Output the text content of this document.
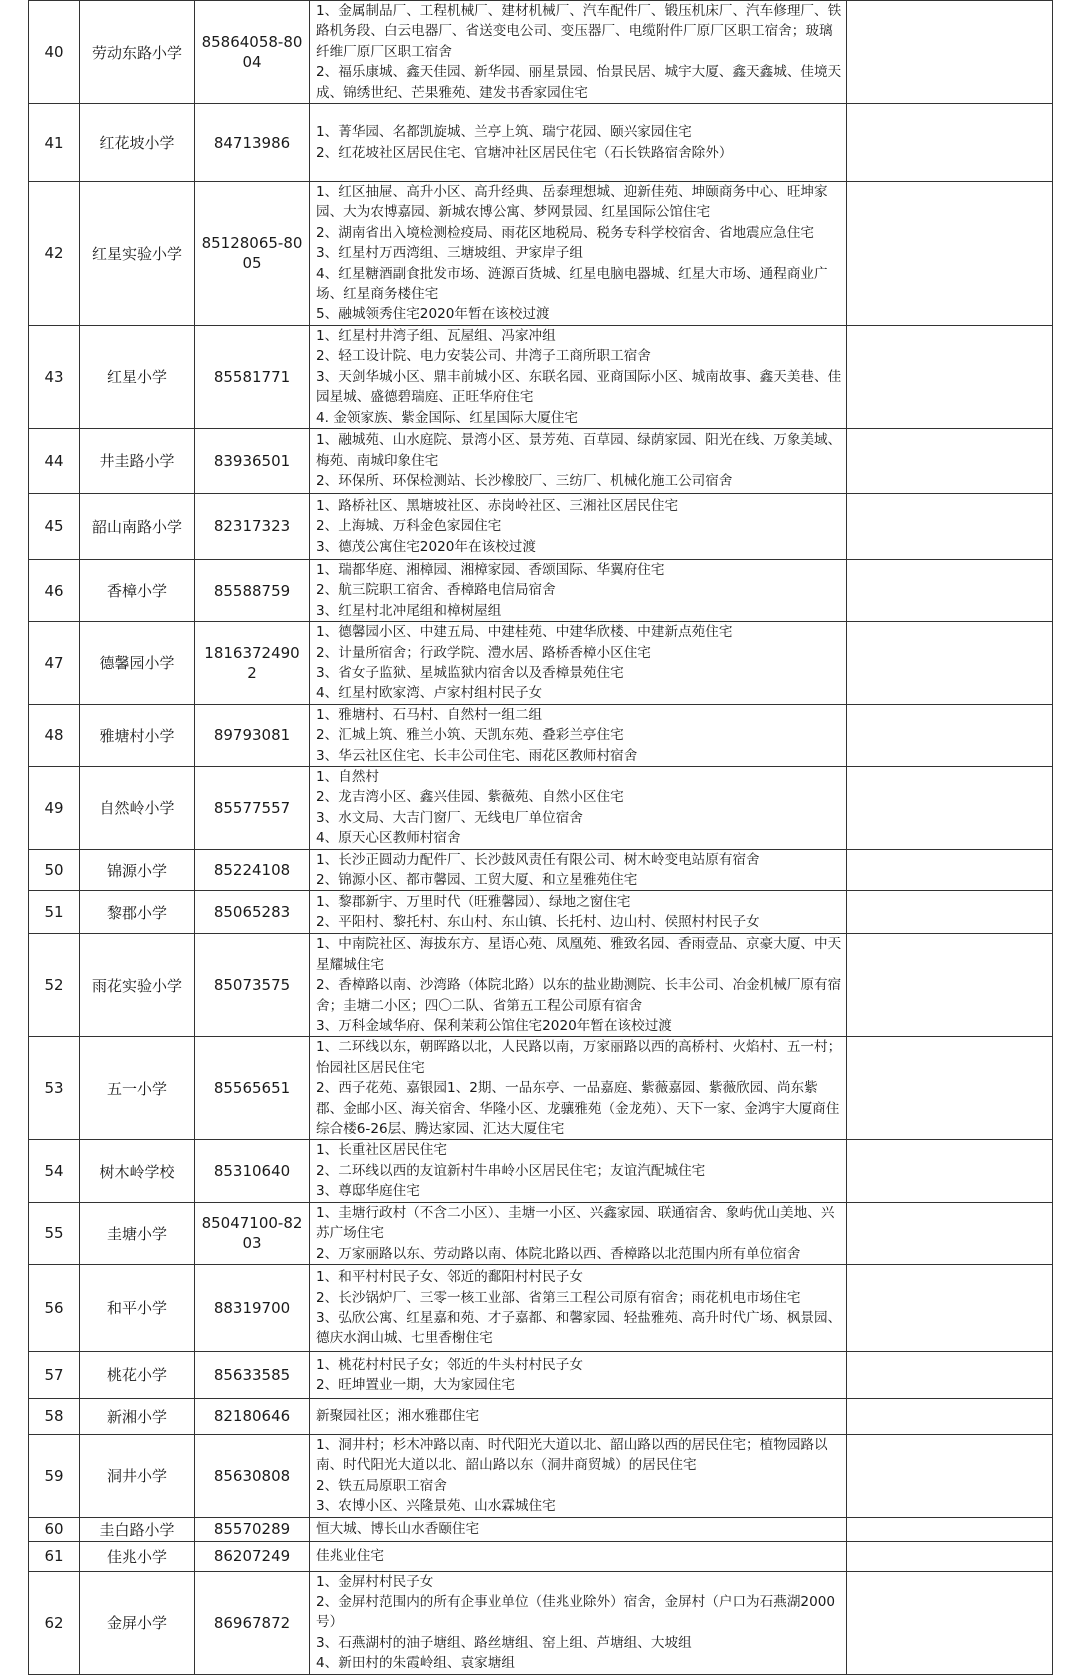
40	劳动东路小学	85864058-8004	1、金属制品厂、工程机械厂、建材机械厂、汽车配件厂、锻压机床厂、汽车修理厂、铁路机务段、白云电器厂、省送变电公司、变压器厂、电缆附件厂原厂区职工宿舍；玻璃纤维厂原厂区职工宿舍
2、福乐康城、鑫天佳园、新华园、丽星景园、怡景民居、城宇大厦、鑫天鑫城、佳境天成、锦绣世纪、芒果雅苑、建发书香家园住宅	

41	红花坡小学	84713986	1、菁华园、名都凯旋城、兰亭上筑、瑞宁花园、颐兴家园住宅
2、红花坡社区居民住宅、官塘冲社区居民住宅（石长铁路宿舍除外）	

42	红星实验小学	85128065-8005	1、红区抽屉、高升小区、高升经典、岳泰理想城、迎新佳苑、坤颐商务中心、旺坤家园、大为农博嘉园、新城农博公寓、梦网景园、红星国际公馆住宅
2、湖南省出入境检测检疫局、雨花区地税局、税务专科学校宿舍、省地震应急住宅
3、红星村万西湾组、三塘坡组、尹家岸子组
4、红星糖酒副食批发市场、涟源百货城、红星电脑电器城、红星大市场、通程商业广场、红星商务楼住宅
5、融城领秀住宅2020年暂在该校过渡	

43	红星小学	85581771	1、红星村井湾子组、瓦屋组、冯家冲组
2、轻工设计院、电力安装公司、井湾子工商所职工宿舍
3、天剑华城小区、鼎丰前城小区、东联名园、亚商国际小区、城南故事、鑫天美巷、佳园星城、盛德碧瑞庭、正旺华府住宅
4. 金领家族、紫金国际、红星国际大厦住宅	

44	井圭路小学	83936501	1、融城苑、山水庭院、景湾小区、景芳苑、百草园、绿荫家园、阳光在线、万象美域、梅苑、南城印象住宅
2、环保所、环保检测站、长沙橡胶厂、三纺厂、机械化施工公司宿舍	

45	韶山南路小学	82317323	1、路桥社区、黑塘坡社区、赤岗岭社区、三湘社区居民住宅
2、上海城、万科金色家园住宅
3、德茂公寓住宅2020年在该校过渡	

46	香樟小学	85588759	1、瑞都华庭、湘樟园、湘樟家园、香颂国际、华翼府住宅
2、航三院职工宿舍、香樟路电信局宿舍
3、红星村北冲尾组和樟树屋组	

47	德馨园小学	18163724902	1、德馨园小区、中建五局、中建桂苑、中建华欣楼、中建新点苑住宅
2、计量所宿舍；行政学院、澧水居、路桥香樟小区住宅
3、省女子监狱、星城监狱内宿舍以及香樟景苑住宅
4、红星村欧家湾、卢家村组村民子女	

48	雅塘村小学	89793081	1、雅塘村、石马村、自然村一组二组
2、汇城上筑、雅兰小筑、天凯东苑、叠彩兰亭住宅
3、华云社区住宅、长丰公司住宅、雨花区教师村宿舍	

49	自然岭小学	85577557	1、自然村
2、龙吉湾小区、鑫兴佳园、紫薇苑、自然小区住宅
3、水文局、大吉门窗厂、无线电厂单位宿舍
4、原天心区教师村宿舍	

50	锦源小学	85224108	1、长沙正圆动力配件厂、长沙鼓风责任有限公司、树木岭变电站原有宿舍
2、锦源小区、都市馨园、工贸大厦、和立星雅苑住宅	

51	黎郡小学	85065283	1、黎郡新宇、万里时代（旺雅馨园）、绿地之窗住宅
2、平阳村、黎托村、东山村、东山镇、长托村、边山村、侯照村村民子女	

52	雨花实验小学	85073575	1、中南院社区、海拔东方、星语心苑、凤凰苑、雅致名园、香雨壹品、京豪大厦、中天星耀城住宅
2、香樟路以南、沙湾路（体院北路）以东的盐业勘测院、长丰公司、冶金机械厂原有宿舍；圭塘二小区；四〇二队、省第五工程公司原有宿舍
3、万科金域华府、保利茉莉公馆住宅2020年暂在该校过渡	

53	五一小学	85565651	1、二环线以东，朝晖路以北，人民路以南，万家丽路以西的高桥村、火焰村、五一村；怡园社区居民住宅
2、西子花苑、嘉银园1、2期、一品东亭、一品嘉庭、紫薇嘉园、紫薇欣园、尚东紫郡、金邮小区、海关宿舍、华隆小区、龙骧雅苑（金龙苑）、天下一家、金鸿宇大厦商住综合楼6-26层、腾达家园、汇达大厦住宅	

54	树木岭学校	85310640	1、长重社区居民住宅
2、二环线以西的友谊新村牛串岭小区居民住宅；友谊汽配城住宅
3、尊邸华庭住宅	

55	圭塘小学	85047100-8203	1、圭塘行政村（不含二小区）、圭塘一小区、兴鑫家园、联通宿舍、象屿优山美地、兴苏广场住宅
2、万家丽路以东、劳动路以南、体院北路以西、香樟路以北范围内所有单位宿舍	

56	和平小学	88319700	1、和平村村民子女、邻近的鄱阳村村民子女
2、长沙锅炉厂、三零一核工业部、省第三工程公司原有宿舍；雨花机电市场住宅
3、弘欣公寓、红星嘉和苑、才子嘉都、和馨家园、轻盐雅苑、高升时代广场、枫景园、德庆水润山城、七里香榭住宅	

57	桃花小学	85633585	1、桃花村村民子女；邻近的牛头村村民子女
2、旺坤置业一期，大为家园住宅	

58	新湘小学	82180646	新聚园社区；湘水雅郡住宅	

59	洞井小学	85630808	1、洞井村；杉木冲路以南、时代阳光大道以北、韶山路以西的居民住宅；植物园路以南、时代阳光大道以北、韶山路以东（洞井商贸城）的居民住宅
2、铁五局原职工宿舍
3、农博小区、兴隆景苑、山水霖城住宅	

60	圭白路小学	85570289	恒大城、博长山水香颐住宅	

61	佳兆小学	86207249	佳兆业住宅	

62	金屏小学	86967872	1、金屏村村民子女
2、金屏村范围内的所有企事业单位（佳兆业除外）宿舍，金屏村（户口为石燕湖2000号）
3、石燕湖村的油子塘组、路丝塘组、窑上组、芦塘组、大坡组
4、新田村的朱霞岭组、袁家塘组	
